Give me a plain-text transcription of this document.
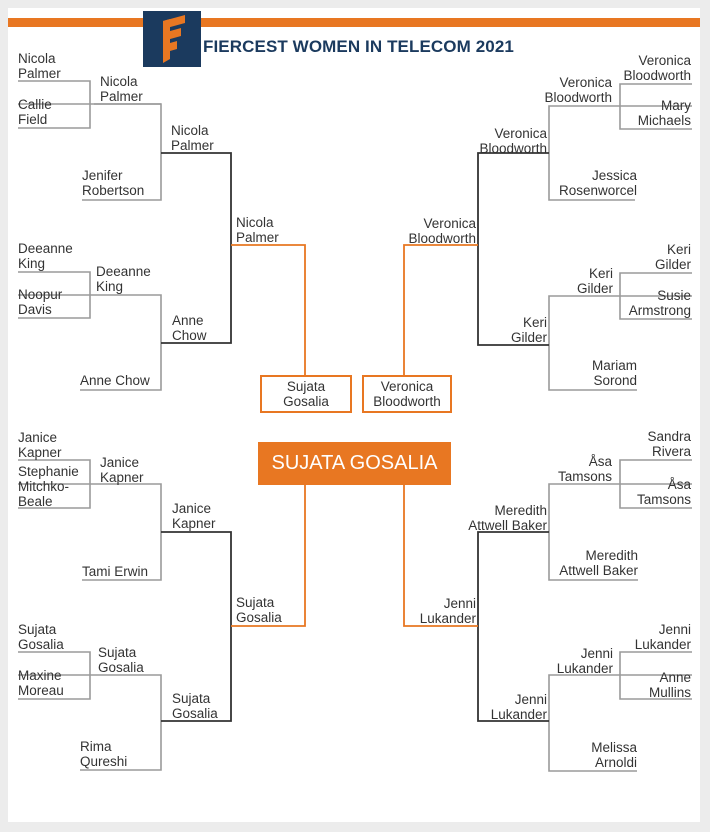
FIERCEST WOMEN IN TELECOM 2021
Nicola
Palmer
Callie
Field
Jenifer
Robertson
Deeanne
King
Noopur
Davis
Anne Chow
Nicola
Palmer
Deeanne
King
Nicola
Palmer
Anne
Chow
Nicola
Palmer
Janice
Kapner
Stephanie
Mitchko-
Beale
Tami Erwin
Sujata
Gosalia
Maxine
Moreau
Rima
Qureshi
Janice
Kapner
Sujata
Gosalia
Janice
Kapner
Sujata
Gosalia
Sujata
Gosalia
Veronica
Bloodworth
Mary
Michaels
Jessica
Rosenworcel
Keri
Gilder
Susie
Armstrong
Mariam
Sorond
Veronica
Bloodworth
Keri
Gilder
Veronica
Bloodworth
Keri
Gilder
Veronica
Bloodworth
Sandra
Rivera
Åsa
Tamsons
Meredith
Attwell Baker
Jenni
Lukander
Anne
Mullins
Melissa
Arnoldi
Åsa
Tamsons
Jenni
Lukander
Meredith
Attwell Baker
Jenni
Lukander
Jenni
Lukander
Sujata
Gosalia
Veronica
Bloodworth
SUJATA GOSALIA
